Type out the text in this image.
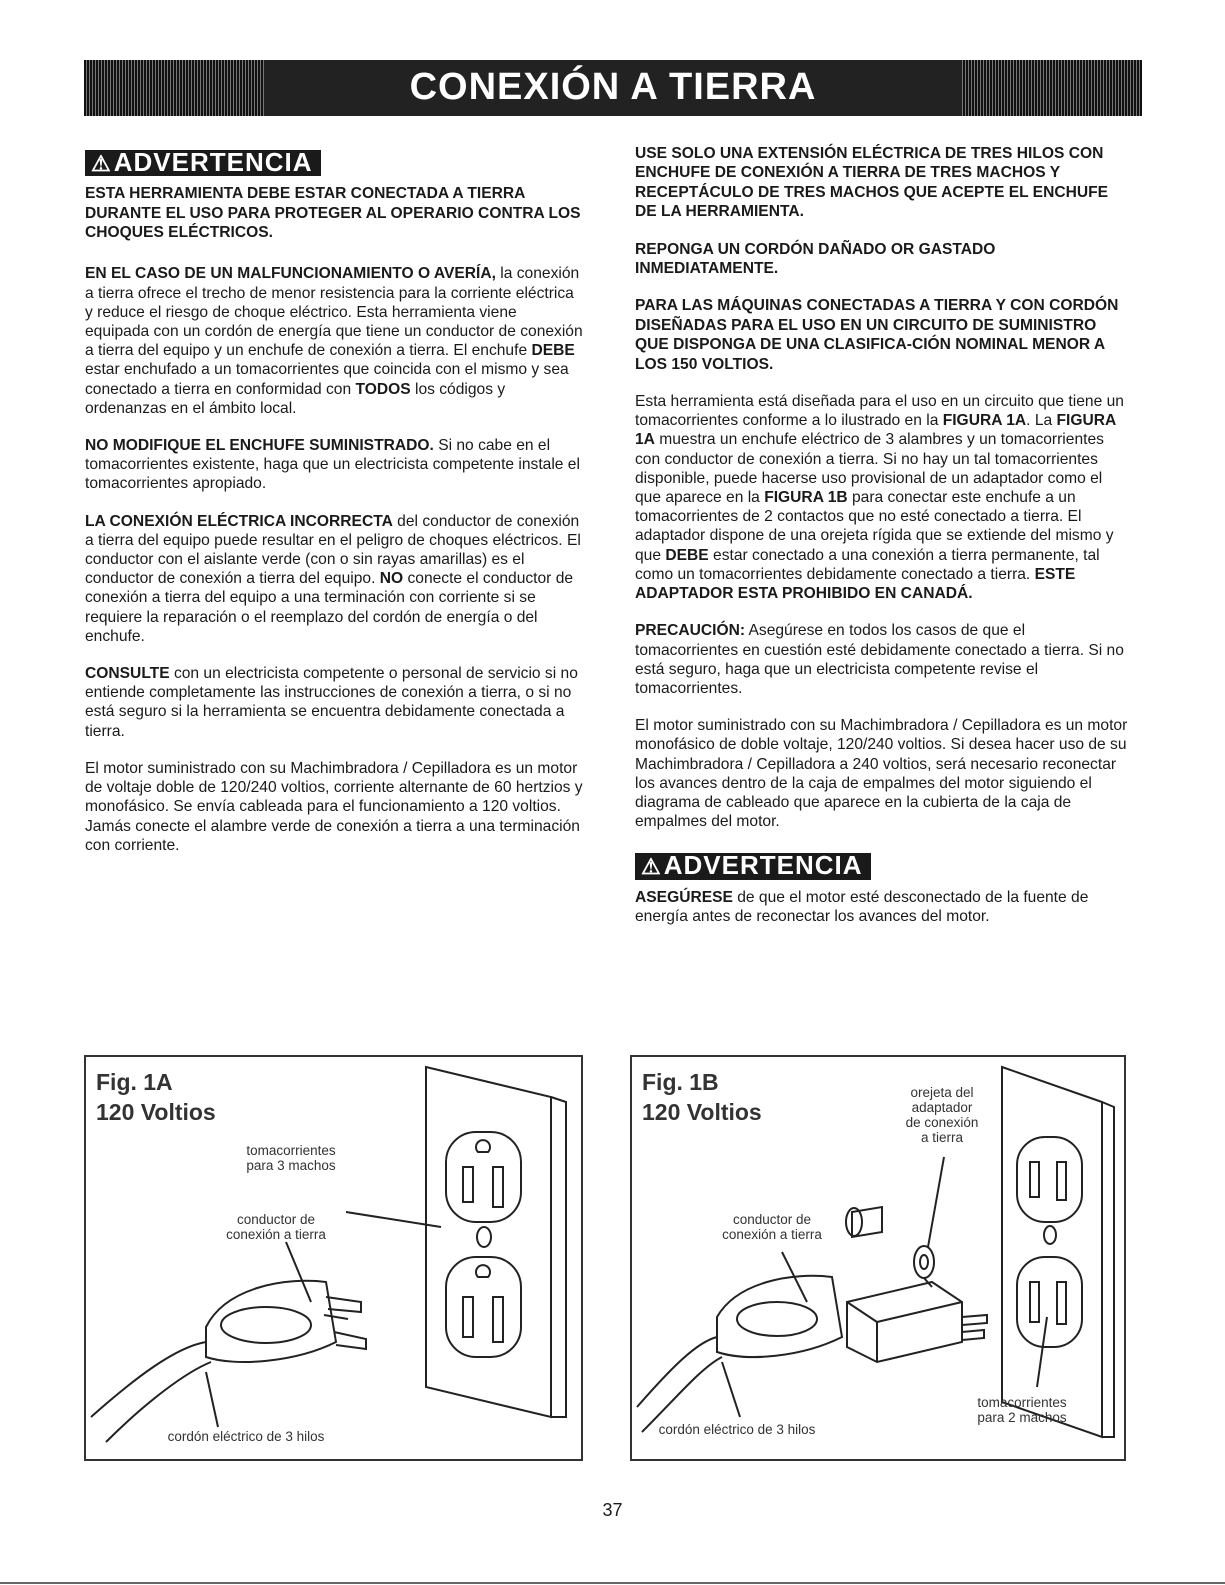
CONEXIÓN A TIERRA
⚠ADVERTENCIA

ESTA HERRAMIENTA DEBE ESTAR CONECTADA A TIERRA DURANTE EL USO PARA PROTEGER AL OPERARIO CONTRA LOS CHOQUES ELÉCTRICOS.

EN EL CASO DE UN MALFUNCIONAMIENTO O AVERÍA, la conexión a tierra ofrece el trecho de menor resistencia para la corriente eléctrica y reduce el riesgo de choque eléctrico. Esta herramienta viene equipada con un cordón de energía que tiene un conductor de conexión a tierra del equipo y un enchufe de conexión a tierra. El enchufe DEBE estar enchufado a un tomacorrientes que coincida con el mismo y sea conectado a tierra en conformidad con TODOS los códigos y ordenanzas en el ámbito local.

NO MODIFIQUE EL ENCHUFE SUMINISTRADO. Si no cabe en el tomacorrientes existente, haga que un electricista competente instale el tomacorrientes apropiado.

LA CONEXIÓN ELÉCTRICA INCORRECTA del conductor de conexión a tierra del equipo puede resultar en el peligro de choques eléctricos. El conductor con el aislante verde (con o sin rayas amarillas) es el conductor de conexión a tierra del equipo. NO conecte el conductor de conexión a tierra del equipo a una terminación con corriente si se requiere la reparación o el reemplazo del cordón de energía o del enchufe.

CONSULTE con un electricista competente o personal de servicio si no entiende completamente las instrucciones de conexión a tierra, o si no está seguro si la herramienta se encuentra debidamente conectada a tierra.

El motor suministrado con su Machimbradora / Cepilladora es un motor de voltaje doble de 120/240 voltios, corriente alternante de 60 hertzios y monofásico. Se envía cableada para el funcionamiento a 120 voltios. Jamás conecte el alambre verde de conexión a tierra a una terminación con corriente.

USE SOLO UNA EXTENSIÓN ELÉCTRICA DE TRES HILOS CON ENCHUFE DE CONEXIÓN A TIERRA DE TRES MACHOS Y RECEPTÁCULO DE TRES MACHOS QUE ACEPTE EL ENCHUFE DE LA HERRAMIENTA.

REPONGA UN CORDÓN DAÑADO OR GASTADO INMEDIATAMENTE.

PARA LAS MÁQUINAS CONECTADAS A TIERRA Y CON CORDÓN DISEÑADAS PARA EL USO EN UN CIRCUITO DE SUMINISTRO QUE DISPONGA DE UNA CLASIFICA-CIÓN NOMINAL MENOR A LOS 150 VOLTIOS.

Esta herramienta está diseñada para el uso en un circuito que tiene un tomacorrientes conforme a lo ilustrado en la FIGURA 1A. La FIGURA 1A muestra un enchufe eléctrico de 3 alambres y un tomacorrientes con conductor de conexión a tierra. Si no hay un tal tomacorrientes disponible, puede hacerse uso provisional de un adaptador como el que aparece en la FIGURA 1B para conectar este enchufe a un tomacorrientes de 2 contactos que no esté conectado a tierra. El adaptador dispone de una orejeta rígida que se extiende del mismo y que DEBE estar conectado a una conexión a tierra permanente, tal como un tomacorrientes debidamente conectado a tierra. ESTE ADAPTADOR ESTA PROHIBIDO EN CANADÁ.

PRECAUCIÓN: Asegúrese en todos los casos de que el tomacorrientes en cuestión esté debidamente conectado a tierra. Si no está seguro, haga que un electricista competente revise el tomacorrientes.

El motor suministrado con su Machimbradora / Cepilladora es un motor monofásico de doble voltaje, 120/240 voltios. Si desea hacer uso de su Machimbradora / Cepilladora a 240 voltios, será necesario reconectar los avances dentro de la caja de empalmes del motor siguiendo el diagrama de cableado que aparece en la cubierta de la caja de empalmes del motor.

⚠ADVERTENCIA

ASEGÚRESE de que el motor esté desconectado de la fuente de energía antes de reconectar los avances del motor.

Fig. 1A
120 Voltios
tomacorrientes
para 3 machos
conductor de
conexión a tierra
cordón eléctrico de 3 hilos
Fig. 1B
120 Voltios
orejeta del
adaptador
de conexión
a tierra
conductor de
conexión a tierra
tomacorrientes
para 2 machos
cordón eléctrico de 3 hilos
37
